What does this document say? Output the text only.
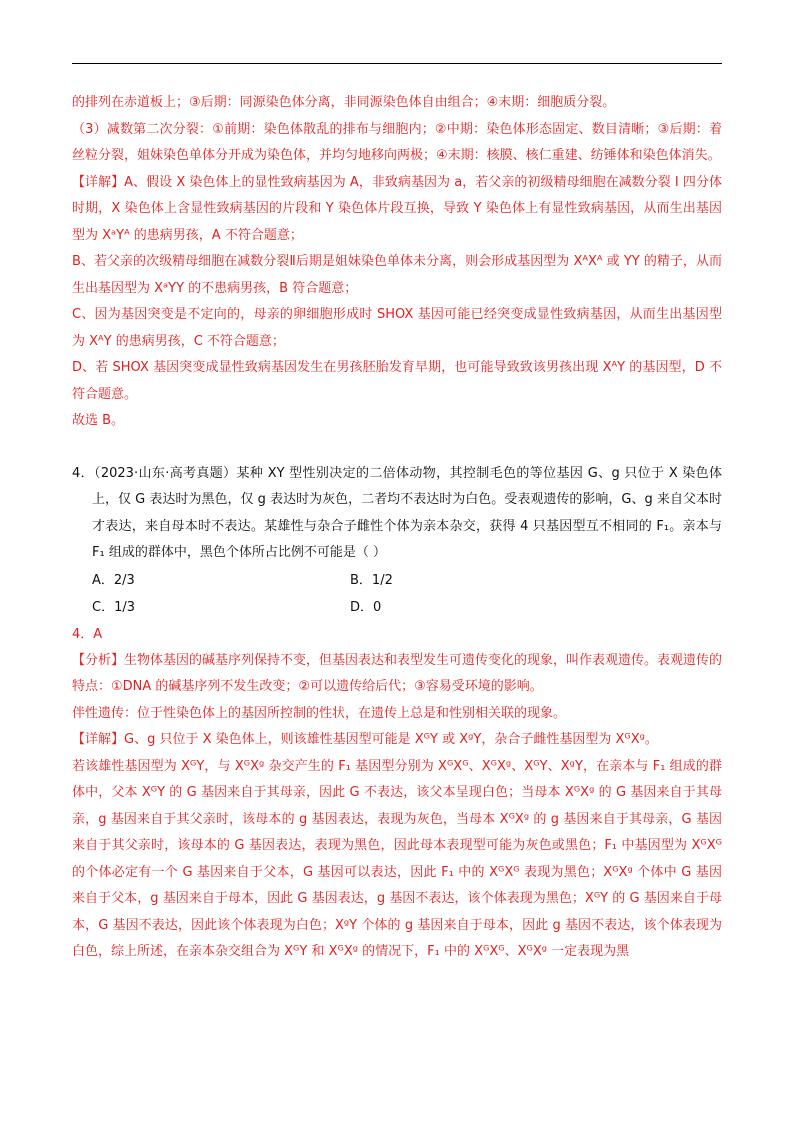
的排列在赤道板上；③后期：同源染色体分离，非同源染色体自由组合；④末期：细胞质分裂。

（3）减数第二次分裂：①前期：染色体散乱的排布与细胞内；②中期：染色体形态固定、数目清晰；③后期：着丝粒分裂，姐妹染色单体分开成为染色体，并均匀地移向两极；④末期：核膜、核仁重建、纺锤体和染色体消失。

【详解】A、假设 X 染色体上的显性致病基因为 A，非致病基因为 a，若父亲的初级精母细胞在减数分裂 I 四分体时期，X 染色体上含显性致病基因的片段和 Y 染色体片段互换，导致 Y 染色体上有显性致病基因，从而生出基因型为 XᵃYᴬ 的患病男孩，A 不符合题意；

B、若父亲的次级精母细胞在减数分裂Ⅱ后期是姐妹染色单体未分离，则会形成基因型为 XᴬXᴬ 或 YY 的精子，从而生出基因型为 XᵃYY 的不患病男孩，B 符合题意；

C、因为基因突变是不定向的，母亲的卵细胞形成时 SHOX 基因可能已经突变成显性致病基因，从而生出基因型为 XᴬY 的患病男孩，C 不符合题意；

D、若 SHOX 基因突变成显性致病基因发生在男孩胚胎发育早期，也可能导致致该男孩出现 XᴬY 的基因型，D 不符合题意。

故选 B。

4．（2023·山东·高考真题）某种 XY 型性别决定的二倍体动物，其控制毛色的等位基因 G、g 只位于 X 染色体上，仅 G 表达时为黑色，仅 g 表达时为灰色，二者均不表达时为白色。受表观遗传的影响，G、g 来自父本时才表达，来自母本时不表达。某雄性与杂合子雌性个体为亲本杂交，获得 4 只基因型互不相同的 F₁。亲本与 F₁ 组成的群体中，黑色个体所占比例不可能是（ ）

A．2/3	B．1/2
C．1/3	D．0

4．A

【分析】生物体基因的碱基序列保持不变，但基因表达和表型发生可遗传变化的现象，叫作表观遗传。表观遗传的特点：①DNA 的碱基序列不发生改变；②可以遗传给后代；③容易受环境的影响。

伴性遗传：位于性染色体上的基因所控制的性状，在遗传上总是和性别相关联的现象。

【详解】G、g 只位于 X 染色体上，则该雄性基因型可能是 XᴳY 或 XᵍY，杂合子雌性基因型为 XᴳXᵍ。

若该雄性基因型为 XᴳY，与 XᴳXᵍ 杂交产生的 F₁ 基因型分别为 XᴳXᴳ、XᴳXᵍ、XᴳY、XᵍY，在亲本与 F₁ 组成的群体中，父本 XᴳY 的 G 基因来自于其母亲，因此 G 不表达，该父本呈现白色；当母本 XᴳXᵍ 的 G 基因来自于其母亲，g 基因来自于其父亲时，该母本的 g 基因表达，表现为灰色，当母本 XᴳXᵍ 的 g 基因来自于其母亲，G 基因来自于其父亲时，该母本的 G 基因表达，表现为黑色，因此母本表现型可能为灰色或黑色；F₁ 中基因型为 XᴳXᴳ 的个体必定有一个 G 基因来自于父本，G 基因可以表达，因此 F₁ 中的 XᴳXᴳ 表现为黑色；XᴳXᵍ 个体中 G 基因来自于父本，g 基因来自于母本，因此 G 基因表达，g 基因不表达，该个体表现为黑色；XᴳY 的 G 基因来自于母本，G 基因不表达，因此该个体表现为白色；XᵍY 个体的 g 基因来自于母本，因此 g 基因不表达，该个体表现为白色，综上所述，在亲本杂交组合为 XᴳY 和 XᴳXᵍ 的情况下，F₁ 中的 XᴳXᴳ、XᴳXᵍ 一定表现为黑
